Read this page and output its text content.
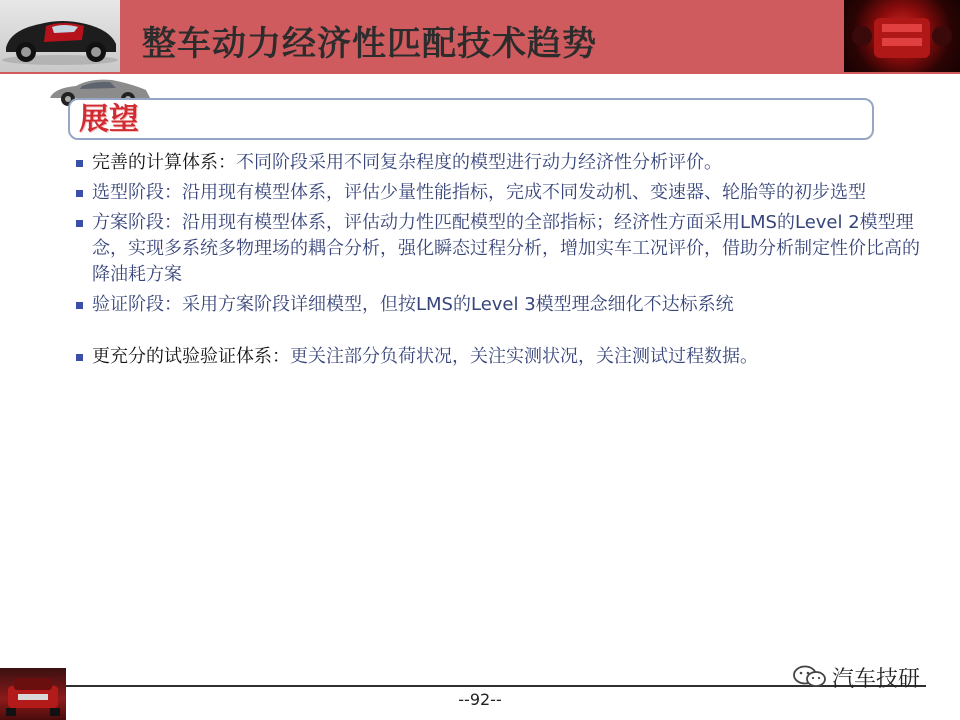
整车动力经济性匹配技术趋势
展望
完善的计算体系：不同阶段采用不同复杂程度的模型进行动力经济性分析评价。
选型阶段：沿用现有模型体系，评估少量性能指标，完成不同发动机、变速器、轮胎等的初步选型
方案阶段：沿用现有模型体系，评估动力性匹配模型的全部指标；经济性方面采用LMS的Level 2模型理念，实现多系统多物理场的耦合分析，强化瞬态过程分析，增加实车工况评价，借助分析制定性价比高的降油耗方案
验证阶段：采用方案阶段详细模型，但按LMS的Level 3模型理念细化不达标系统
更充分的试验验证体系：更关注部分负荷状况，关注实测状况，关注测试过程数据。
--92--
汽车技研
